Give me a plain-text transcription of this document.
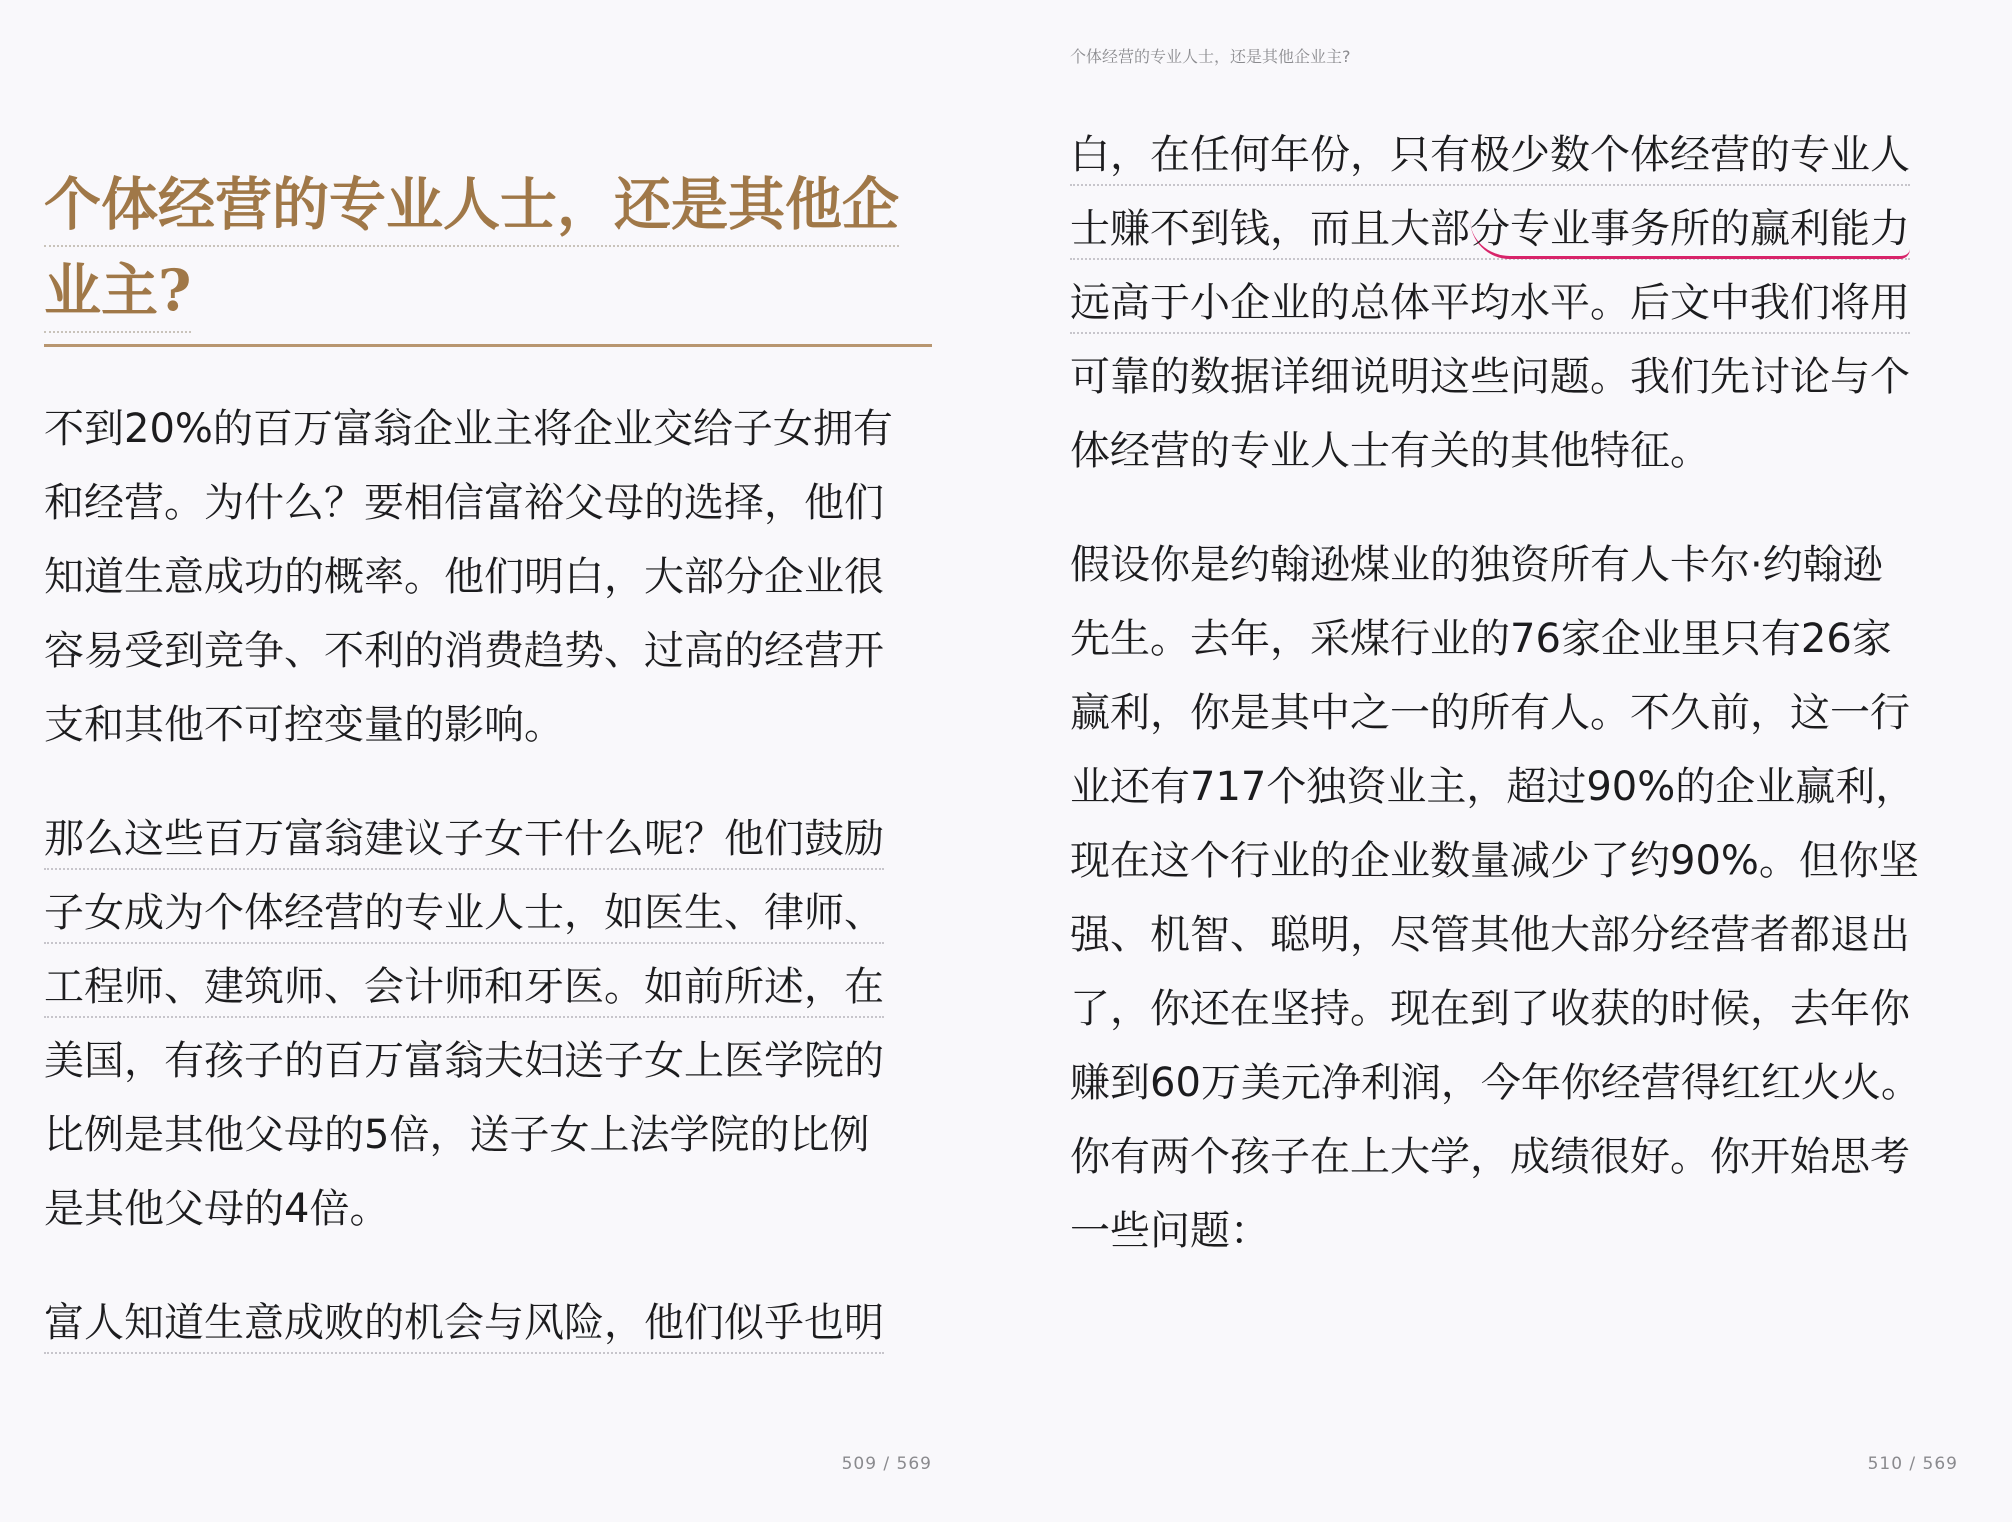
个体经营的专业人士，还是其他企
业主?
不到20%的百万富翁企业主将企业交给子女拥有
和经营。为什么？要相信富裕父母的选择，他们
知道生意成功的概率。他们明白，大部分企业很
容易受到竞争、不利的消费趋势、过高的经营开
支和其他不可控变量的影响。
那么这些百万富翁建议子女干什么呢？他们鼓励
子女成为个体经营的专业人士，如医生、律师、
工程师、建筑师、会计师和牙医。如前所述，在
美国，有孩子的百万富翁夫妇送子女上医学院的
比例是其他父母的5倍，送子女上法学院的比例
是其他父母的4倍。
富人知道生意成败的机会与风险，他们似乎也明
509 / 569
个体经营的专业人士，还是其他企业主?
白，在任何年份，只有极少数个体经营的专业人
士赚不到钱，而且大部分专业事务所的赢利能力
远高于小企业的总体平均水平。后文中我们将用
可靠的数据详细说明这些问题。我们先讨论与个
体经营的专业人士有关的其他特征。
假设你是约翰逊煤业的独资所有人卡尔·约翰逊
先生。去年，采煤行业的76家企业里只有26家
赢利，你是其中之一的所有人。不久前，这一行
业还有717个独资业主，超过90%的企业赢利，
现在这个行业的企业数量减少了约90%。但你坚
强、机智、聪明，尽管其他大部分经营者都退出
了，你还在坚持。现在到了收获的时候，去年你
赚到60万美元净利润，今年你经营得红红火火。
你有两个孩子在上大学，成绩很好。你开始思考
一些问题：
510 / 569
